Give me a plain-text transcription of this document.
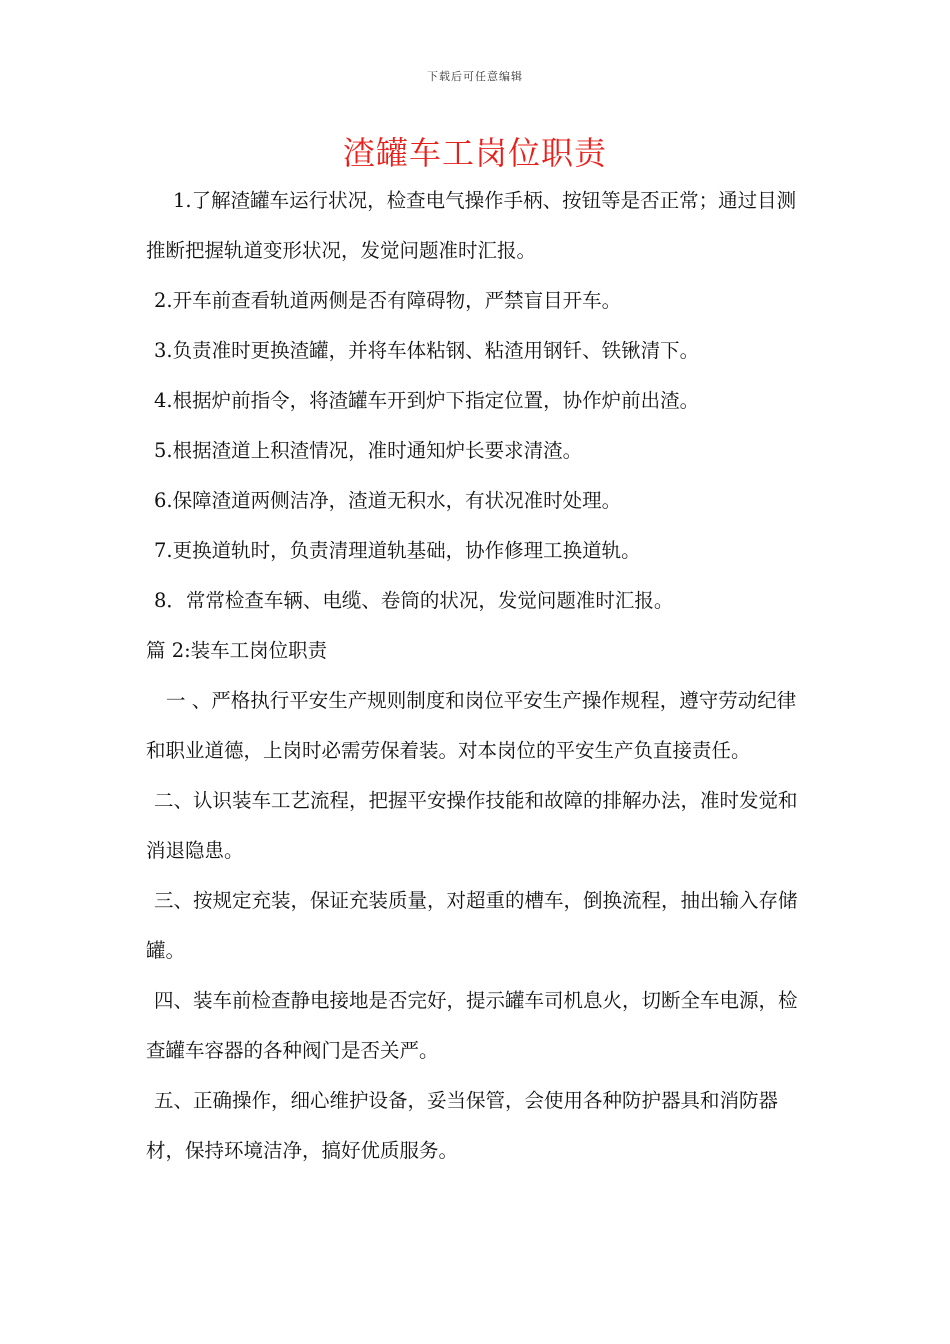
下载后可任意编辑
渣罐车工岗位职责

1.了解渣罐车运行状况，检查电气操作手柄、按钮等是否正常；通过目测推断把握轨道变形状况，发觉问题准时汇报。

2.开车前查看轨道两侧是否有障碍物，严禁盲目开车。

3.负责准时更换渣罐，并将车体粘钢、粘渣用钢钎、铁锹清下。

4.根据炉前指令，将渣罐车开到炉下指定位置，协作炉前出渣。

5.根据渣道上积渣情况，准时通知炉长要求清渣。

6.保障渣道两侧洁净，渣道无积水，有状况准时处理。

7.更换道轨时，负责清理道轨基础，协作修理工换道轨。

8．常常检查车辆、电缆、卷筒的状况，发觉问题准时汇报。

篇 2:装车工岗位职责

一 、严格执行平安生产规则制度和岗位平安生产操作规程，遵守劳动纪律和职业道德，上岗时必需劳保着装。对本岗位的平安生产负直接责任。

二、认识装车工艺流程，把握平安操作技能和故障的排解办法，准时发觉和消退隐患。

三、按规定充装，保证充装质量，对超重的槽车，倒换流程，抽出输入存储罐。

四、装车前检查静电接地是否完好，提示罐车司机息火，切断全车电源，检查罐车容器的各种阀门是否关严。

五、正确操作，细心维护设备，妥当保管，会使用各种防护器具和消防器材，保持环境洁净，搞好优质服务。
